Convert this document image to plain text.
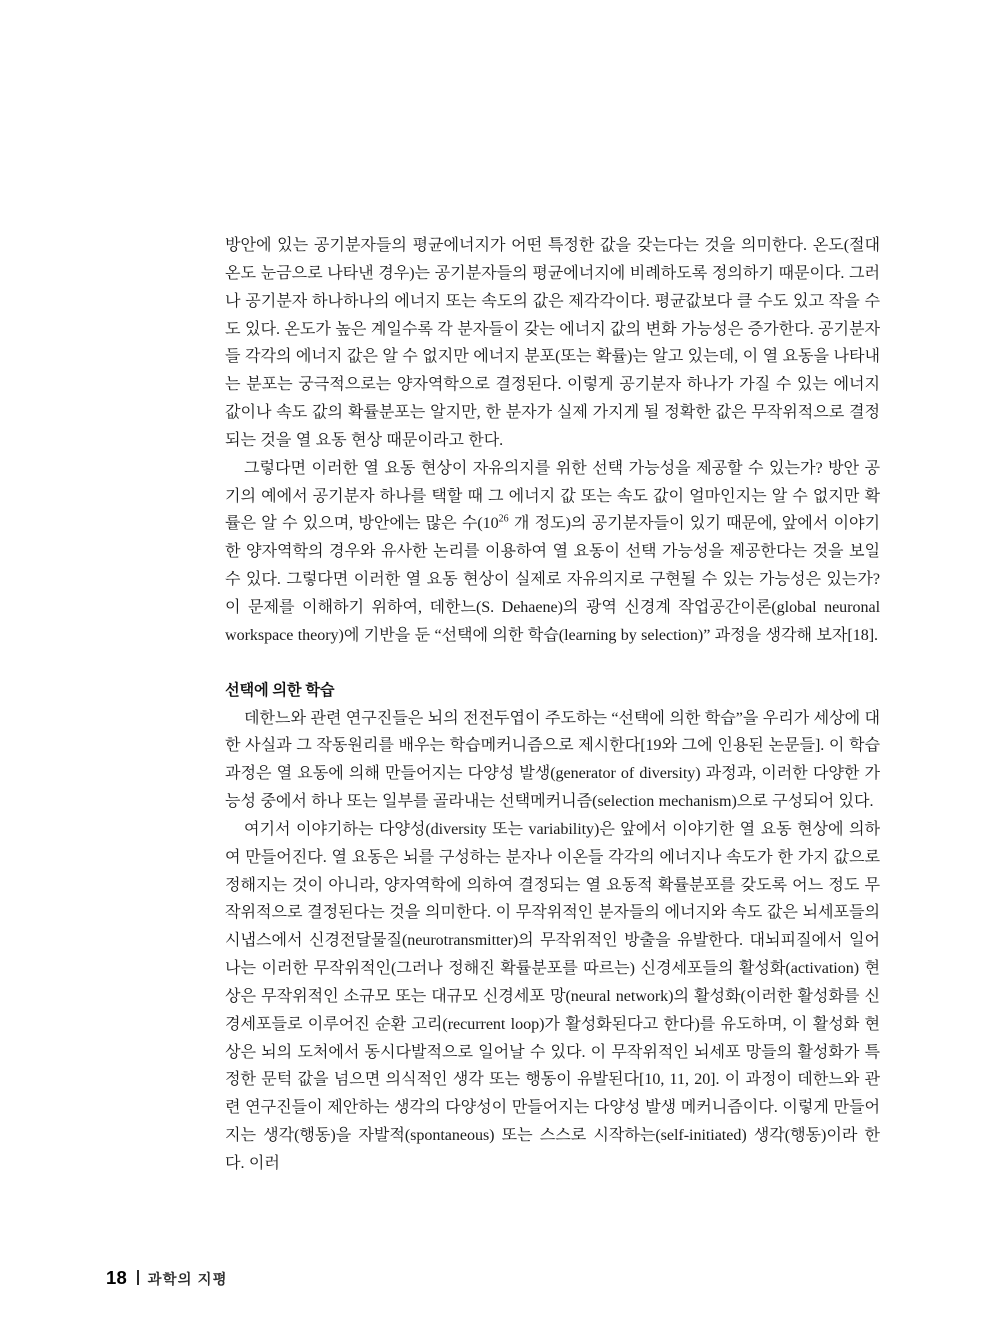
방안에 있는 공기분자들의 평균에너지가 어떤 특정한 값을 갖는다는 것을 의미한다. 온도(절대온도 눈금으로 나타낸 경우)는 공기분자들의 평균에너지에 비례하도록 정의하기 때문이다. 그러나 공기분자 하나하나의 에너지 또는 속도의 값은 제각각이다. 평균값보다 클 수도 있고 작을 수도 있다. 온도가 높은 계일수록 각 분자들이 갖는 에너지 값의 변화 가능성은 증가한다. 공기분자들 각각의 에너지 값은 알 수 없지만 에너지 분포(또는 확률)는 알고 있는데, 이 열 요동을 나타내는 분포는 궁극적으로는 양자역학으로 결정된다. 이렇게 공기분자 하나가 가질 수 있는 에너지 값이나 속도 값의 확률분포는 알지만, 한 분자가 실제 가지게 될 정확한 값은 무작위적으로 결정되는 것을 열 요동 현상 때문이라고 한다.

그렇다면 이러한 열 요동 현상이 자유의지를 위한 선택 가능성을 제공할 수 있는가? 방안 공기의 예에서 공기분자 하나를 택할 때 그 에너지 값 또는 속도 값이 얼마인지는 알 수 없지만 확률은 알 수 있으며, 방안에는 많은 수($10^{26}$ 개 정도)의 공기분자들이 있기 때문에, 앞에서 이야기한 양자역학의 경우와 유사한 논리를 이용하여 열 요동이 선택 가능성을 제공한다는 것을 보일 수 있다. 그렇다면 이러한 열 요동 현상이 실제로 자유의지로 구현될 수 있는 가능성은 있는가? 이 문제를 이해하기 위하여, 데한느(S. Dehaene)의 광역 신경계 작업공간이론(global neuronal workspace theory)에 기반을 둔 “선택에 의한 학습(learning by selection)” 과정을 생각해 보자[18].

선택에 의한 학습

데한느와 관련 연구진들은 뇌의 전전두엽이 주도하는 “선택에 의한 학습”을 우리가 세상에 대한 사실과 그 작동원리를 배우는 학습메커니즘으로 제시한다[19와 그에 인용된 논문들]. 이 학습 과정은 열 요동에 의해 만들어지는 다양성 발생(generator of diversity) 과정과, 이러한 다양한 가능성 중에서 하나 또는 일부를 골라내는 선택메커니즘(selection mechanism)으로 구성되어 있다.

여기서 이야기하는 다양성(diversity 또는 variability)은 앞에서 이야기한 열 요동 현상에 의하여 만들어진다. 열 요동은 뇌를 구성하는 분자나 이온들 각각의 에너지나 속도가 한 가지 값으로 정해지는 것이 아니라, 양자역학에 의하여 결정되는 열 요동적 확률분포를 갖도록 어느 정도 무작위적으로 결정된다는 것을 의미한다. 이 무작위적인 분자들의 에너지와 속도 값은 뇌세포들의 시냅스에서 신경전달물질(neurotransmitter)의 무작위적인 방출을 유발한다. 대뇌피질에서 일어나는 이러한 무작위적인(그러나 정해진 확률분포를 따르는) 신경세포들의 활성화(activation) 현상은 무작위적인 소규모 또는 대규모 신경세포 망(neural network)의 활성화(이러한 활성화를 신경세포들로 이루어진 순환 고리(recurrent loop)가 활성화된다고 한다)를 유도하며, 이 활성화 현상은 뇌의 도처에서 동시다발적으로 일어날 수 있다. 이 무작위적인 뇌세포 망들의 활성화가 특정한 문턱 값을 넘으면 의식적인 생각 또는 행동이 유발된다[10, 11, 20]. 이 과정이 데한느와 관련 연구진들이 제안하는 생각의 다양성이 만들어지는 다양성 발생 메커니즘이다. 이렇게 만들어지는 생각(행동)을 자발적(spontaneous) 또는 스스로 시작하는(self-initiated) 생각(행동)이라 한다. 이러

18 과학의 지평
